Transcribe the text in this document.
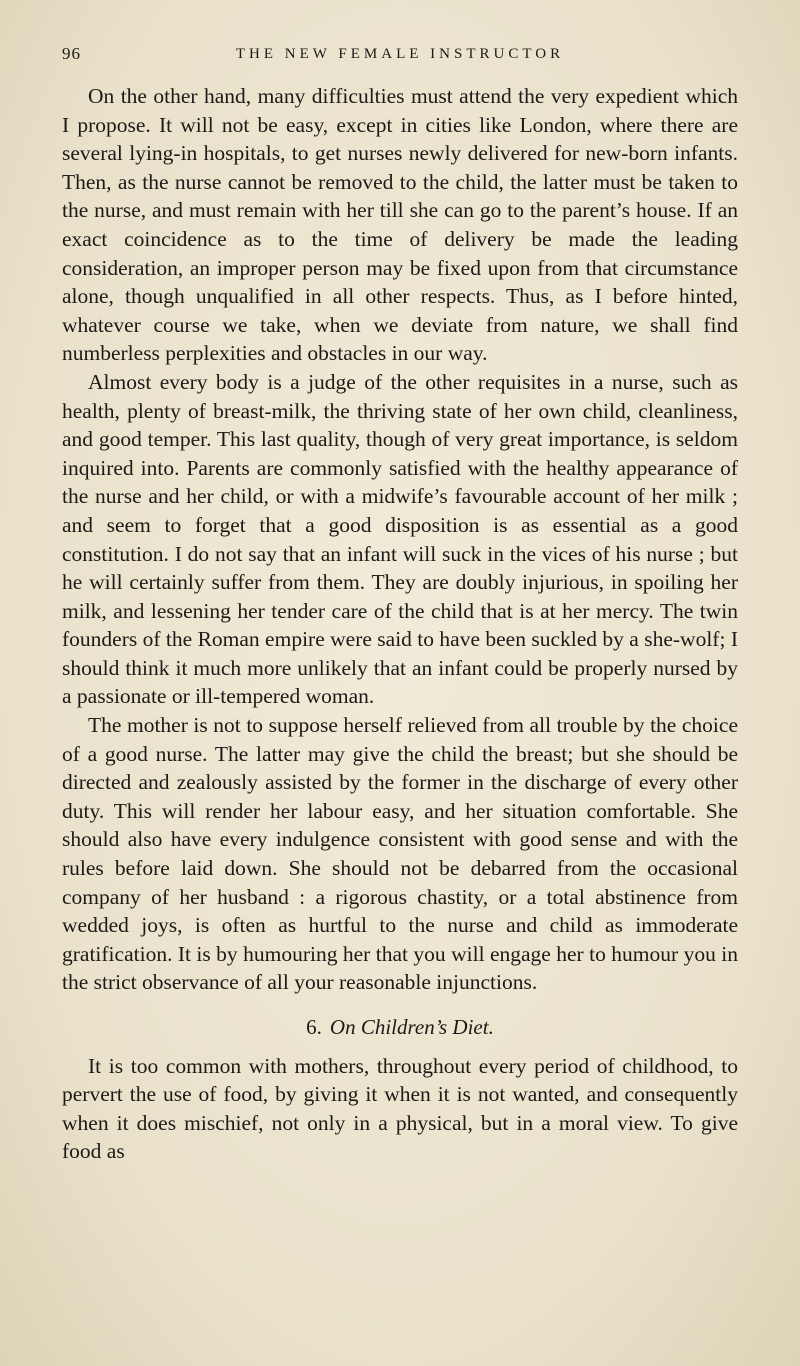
96	THE NEW FEMALE INSTRUCTOR

On the other hand, many difficulties must attend the very expedient which I propose. It will not be easy, except in cities like London, where there are several lying-in hospitals, to get nurses newly delivered for new-born infants. Then, as the nurse cannot be removed to the child, the latter must be taken to the nurse, and must remain with her till she can go to the parent’s house. If an exact coincidence as to the time of delivery be made the leading consideration, an improper person may be fixed upon from that circumstance alone, though unqualified in all other respects. Thus, as I before hinted, whatever course we take, when we deviate from nature, we shall find numberless perplexities and obstacles in our way.

Almost every body is a judge of the other requisites in a nurse, such as health, plenty of breast-milk, the thriving state of her own child, cleanliness, and good temper. This last quality, though of very great importance, is seldom inquired into. Parents are commonly satisfied with the healthy appearance of the nurse and her child, or with a midwife’s favourable account of her milk ; and seem to forget that a good disposition is as essential as a good constitution. I do not say that an infant will suck in the vices of his nurse ; but he will certainly suffer from them. They are doubly injurious, in spoiling her milk, and lessening her tender care of the child that is at her mercy. The twin founders of the Roman empire were said to have been suckled by a she-wolf; I should think it much more unlikely that an infant could be properly nursed by a passionate or ill-tempered woman.

The mother is not to suppose herself relieved from all trouble by the choice of a good nurse. The latter may give the child the breast; but she should be directed and zealously assisted by the former in the discharge of every other duty. This will render her labour easy, and her situation comfortable. She should also have every indulgence consistent with good sense and with the rules before laid down. She should not be debarred from the occasional company of her husband : a rigorous chastity, or a total abstinence from wedded joys, is often as hurtful to the nurse and child as immoderate gratification. It is by humouring her that you will engage her to humour you in the strict observance of all your reasonable injunctions.

6. On Children’s Diet.

It is too common with mothers, throughout every period of childhood, to pervert the use of food, by giving it when it is not wanted, and consequently when it does mischief, not only in a physical, but in a moral view. To give food as
